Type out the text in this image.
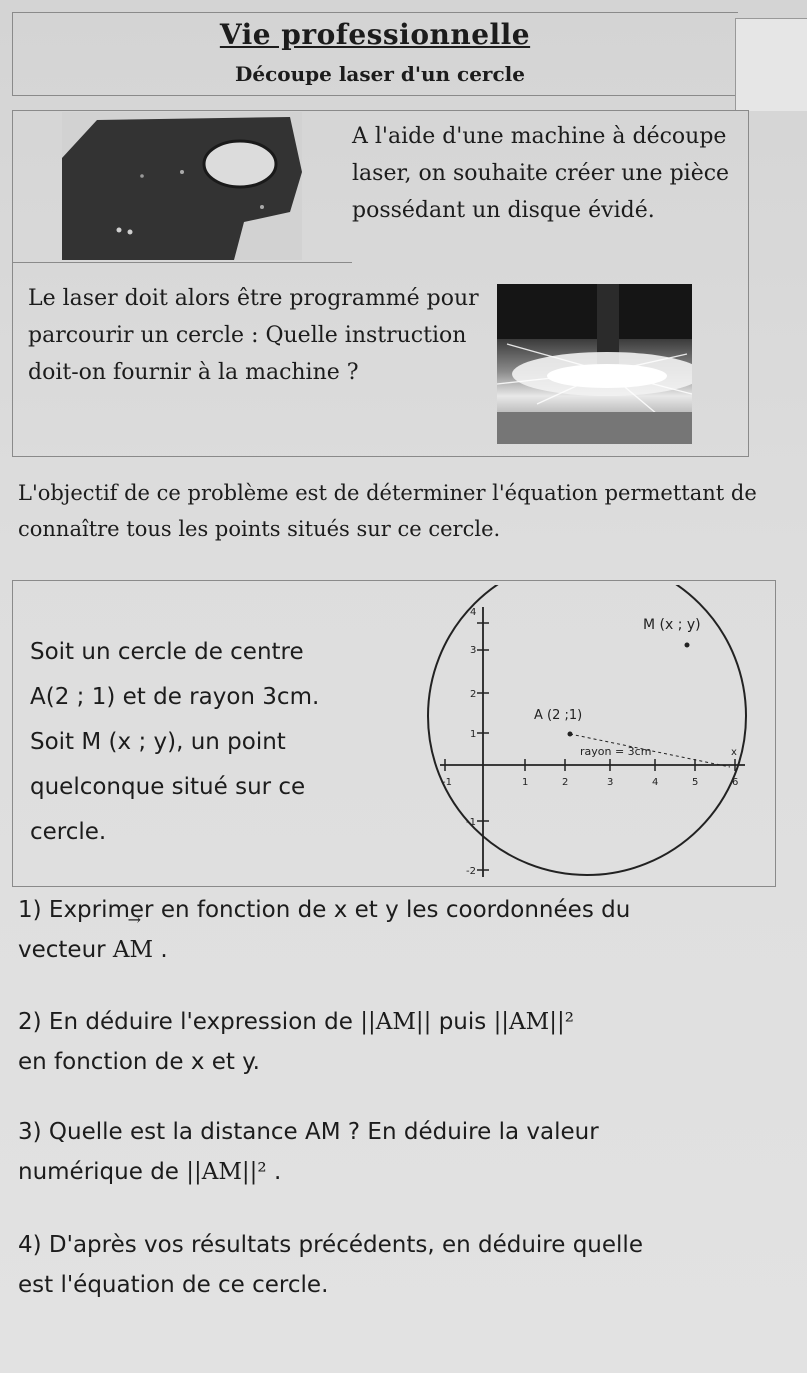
Vie professionnelle
Découpe laser d'un cercle
A l'aide d'une machine à découpe laser, on souhaite créer une pièce possédant un disque évidé.
Le laser doit alors être programmé pour parcourir un cercle : Quelle instruction doit-on fournir à la machine ?
L'objectif de ce problème est de déterminer l'équation permettant de connaître tous les points situés sur ce cercle.
Soit un cercle de centre
A(2 ; 1) et de rayon 3cm.
Soit M (x ; y), un point
quelconque situé sur ce
cercle.
-1	1	2	3	4	5	6
4
3
2
1
-1
-2
x
M (x ; y)
A (2 ;1)
rayon = 3cm
1) Exprimer en fonction de x et y les coordonnées du
vecteur → AM .
2) En déduire l'expression de ||AM|| puis ||AM||²
en fonction de x et y.
3) Quelle est la distance AM ? En déduire la valeur
numérique de ||AM||² .
4) D'après vos résultats précédents, en déduire quelle
est l'équation de ce cercle.
